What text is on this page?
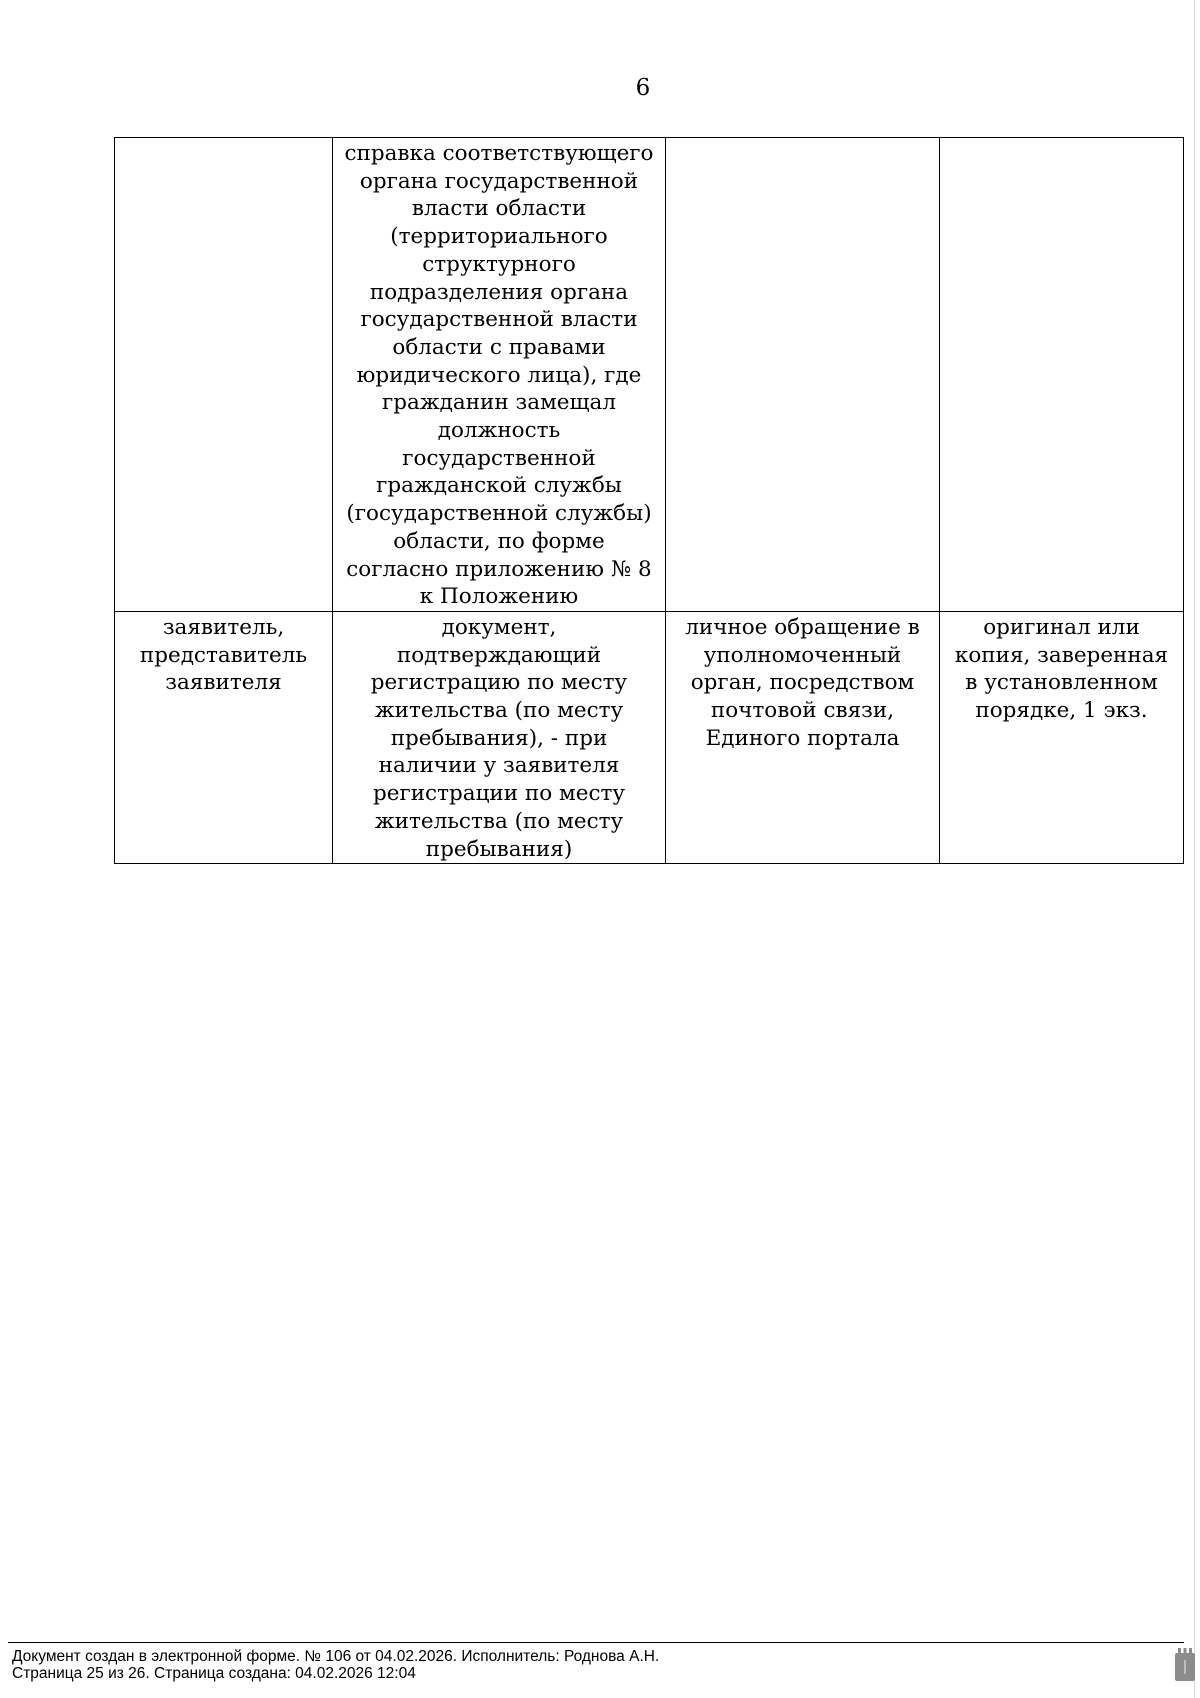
6

	справка соответствующего органа государственной власти области (территориального структурного подразделения органа государственной власти области с правами юридического лица), где гражданин замещал должность государственной гражданской службы (государственной службы) области, по форме согласно приложению № 8 к Положению		

заявитель, представитель заявителя	документ, подтверждающий регистрацию по месту жительства (по месту пребывания), - при наличии у заявителя регистрации по месту жительства (по месту пребывания)	личное обращение в уполномоченный орган, посредством почтовой связи, Единого портала	оригинал или копия, заверенная в установленном порядке, 1 экз.
Документ создан в электронной форме. № 106 от 04.02.2026. Исполнитель: Роднова А.Н.
Страница 25 из 26. Страница создана: 04.02.2026 12:04
